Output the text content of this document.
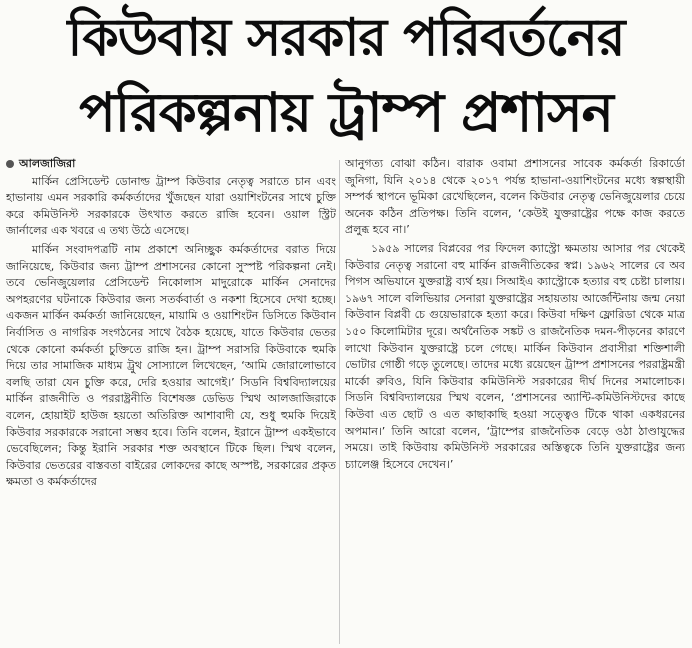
কিউবায় সরকার পরিবর্তনের
পরিকল্পনায় ট্রাম্প প্রশাসন
আলজাজিরা

মার্কিন প্রেসিডেন্ট ডোনাল্ড ট্রাম্প কিউবার নেতৃত্ব সরাতে চান এবং হাভানায় এমন সরকারি কর্মকর্তাদের খুঁজছেন যারা ওয়াশিংটনের সাথে চুক্তি করে কমিউনিস্ট সরকারকে উৎখাত করতে রাজি হবেন। ওয়াল স্ট্রিট জার্নালের এক খবরে এ তথ্য উঠে এসেছে।

মার্কিন সংবাদপত্রটি নাম প্রকাশে অনিচ্ছুক কর্মকর্তাদের বরাত দিয়ে জানিয়েছে, কিউবার জন্য ট্রাম্প প্রশাসনের কোনো সুস্পষ্ট পরিকল্পনা নেই। তবে ভেনিজুয়েলার প্রেসিডেন্ট নিকোলাস মাদুরোকে মার্কিন সেনাদের অপহরণের ঘটনাকে কিউবার জন্য সতর্কবার্তা ও নকশা হিসেবে দেখা হচ্ছে। একজন মার্কিন কর্মকর্তা জানিয়েছেন, মায়ামি ও ওয়াশিংটন ডিসিতে কিউবান নির্বাসিত ও নাগরিক সংগঠনের সাথে বৈঠক হয়েছে, যাতে কিউবার ভেতর থেকে কোনো কর্মকর্তা চুক্তিতে রাজি হন। ট্রাম্প সরাসরি কিউবাকে হুমকি দিয়ে তার সামাজিক মাধ্যম ট্রুথ সোস্যালে লিখেছেন, ‘আমি জোরালোভাবে বলছি তারা যেন চুক্তি করে, দেরি হওয়ার আগেই।’ সিডনি বিশ্ববিদ্যালয়ের মার্কিন রাজনীতি ও পররাষ্ট্রনীতি বিশেষজ্ঞ ডেভিড স্মিথ আলজাজিরাকে বলেন, হোয়াইট হাউজ হয়তো অতিরিক্ত আশাবাদী যে, শুধু হুমকি দিয়েই কিউবার সরকারকে সরানো সম্ভব হবে। তিনি বলেন, ইরানে ট্রাম্প একইভাবে ভেবেছিলেন; কিন্তু ইরানি সরকার শক্ত অবস্থানে টিকে ছিল। স্মিথ বলেন, কিউবার ভেতরের বাস্তবতা বাইরের লোকদের কাছে অস্পষ্ট, সরকারের প্রকৃত ক্ষমতা ও কর্মকর্তাদের

আনুগত্য বোঝা কঠিন। বারাক ওবামা প্রশাসনের সাবেক কর্মকর্তা রিকার্ডো জুনিগা, যিনি ২০১৪ থেকে ২০১৭ পর্যন্ত হাভানা-ওয়াশিংটনের মধ্যে স্বল্পস্থায়ী সম্পর্ক স্থাপনে ভূমিকা রেখেছিলেন, বলেন কিউবার নেতৃত্ব ভেনিজুয়েলার চেয়ে অনেক কঠিন প্রতিপক্ষ। তিনি বলেন, ‘কেউই যুক্তরাষ্ট্রের পক্ষে কাজ করতে প্রলুব্ধ হবে না।’

১৯৫৯ সালের বিপ্লবের পর ফিদেল ক্যাস্ট্রো ক্ষমতায় আসার পর থেকেই কিউবার নেতৃত্ব সরানো বহু মার্কিন রাজনীতিকের স্বপ্ন। ১৯৬২ সালের বে অব পিগস অভিযানে যুক্তরাষ্ট্র ব্যর্থ হয়। সিআইএ ক্যাস্ট্রোকে হত্যার বহু চেষ্টা চালায়। ১৯৬৭ সালে বলিভিয়ার সেনারা যুক্তরাষ্ট্রের সহায়তায় আর্জেন্টিনায় জন্ম নেয়া কিউবান বিপ্লবী চে গুয়েভারাকে হত্যা করে। কিউবা দক্ষিণ ফ্লোরিডা থেকে মাত্র ১৫০ কিলোমিটার দূরে। অর্থনৈতিক সঙ্কট ও রাজনৈতিক দমন-পীড়নের কারণে লাখো কিউবান যুক্তরাষ্ট্রে চলে গেছে। মার্কিন কিউবান প্রবাসীরা শক্তিশালী ভোটার গোষ্ঠী গড়ে তুলেছে। তাদের মধ্যে রয়েছেন ট্রাম্প প্রশাসনের পররাষ্ট্রমন্ত্রী মার্কো রুবিও, যিনি কিউবার কমিউনিস্ট সরকারের দীর্ঘ দিনের সমালোচক। সিডনি বিশ্ববিদ্যালয়ের স্মিথ বলেন, ‘প্রশাসনের অ্যান্টি-কমিউনিস্টদের কাছে কিউবা এত ছোট ও এত কাছাকাছি হওয়া সত্ত্বেও টিকে থাকা একধরনের অপমান।’ তিনি আরো বলেন, ‘ট্রাম্পের রাজনৈতিক বেড়ে ওঠা ঠাণ্ডাযুদ্ধের সময়ে। তাই কিউবায় কমিউনিস্ট সরকারের অস্তিত্বকে তিনি যুক্তরাষ্ট্রের জন্য চ্যালেঞ্জ হিসেবে দেখেন।’
